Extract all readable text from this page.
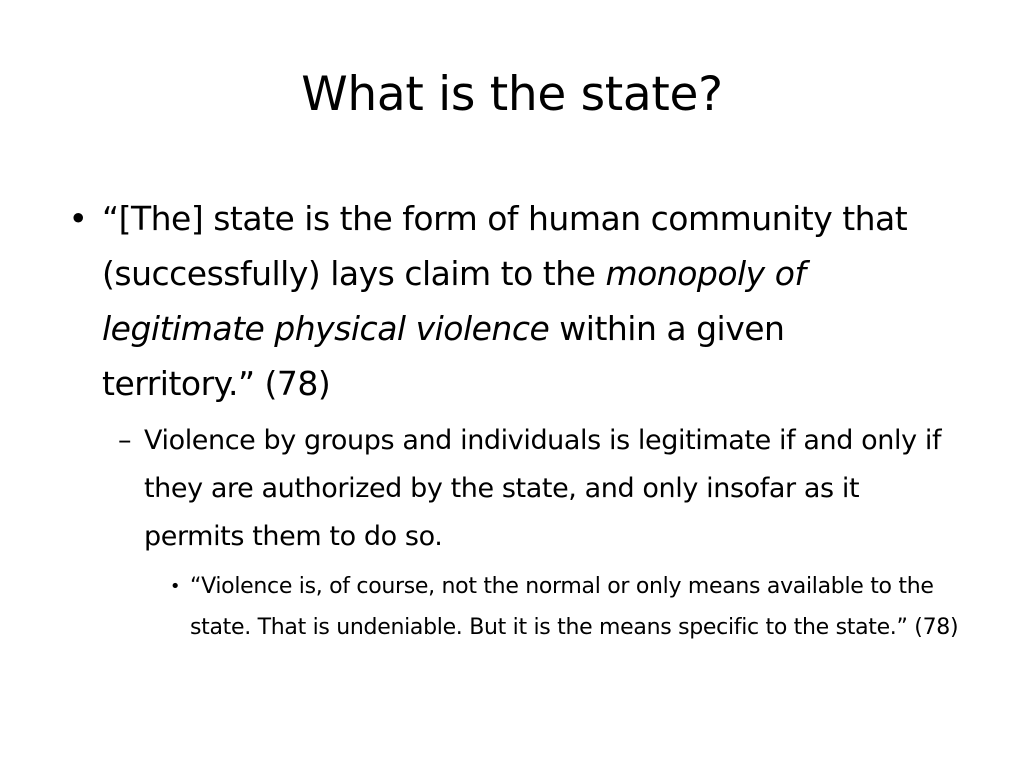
What is the state?
• “[The] state is the form of human community that (successfully) lays claim to the monopoly of legitimate physical violence within a given territory.” (78)
– Violence by groups and individuals is legitimate if and only if they are authorized by the state, and only insofar as it permits them to do so.
• “Violence is, of course, not the normal or only means available to the state. That is undeniable. But it is the means specific to the state.” (78)
